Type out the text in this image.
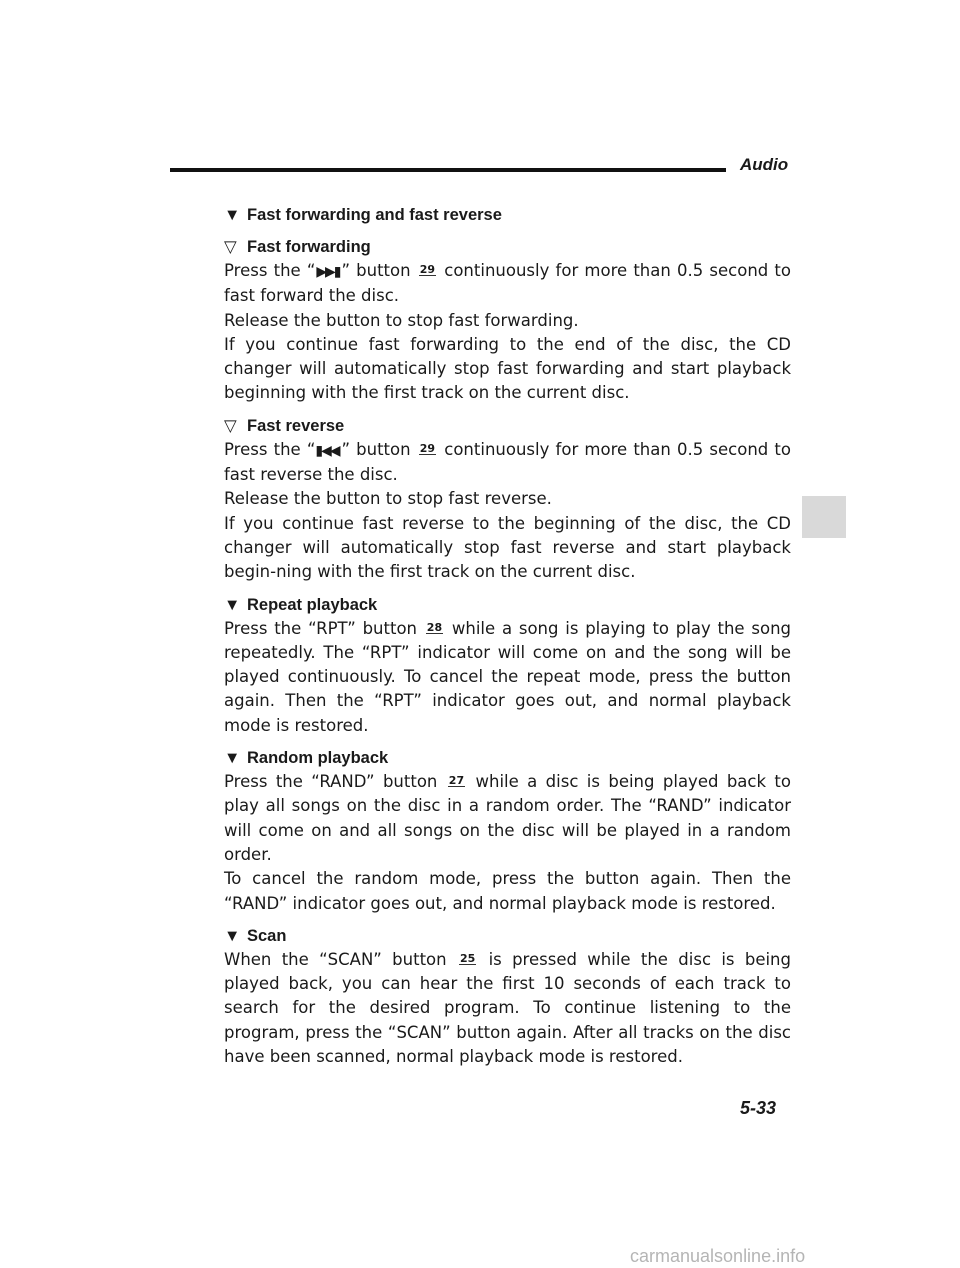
Audio

▼ Fast forwarding and fast reverse

▽ Fast forwarding

Press the “▶▶▮ ” button 29 continuously for more than 0.5 second to fast forward the disc.

Release the button to stop fast forwarding.

If you continue fast forwarding to the end of the disc, the CD changer will automatically stop fast forwarding and start playback beginning with the first track on the current disc.

▽ Fast reverse

Press the “▮◀◀ ” button 29 continuously for more than 0.5 second to fast reverse the disc.

Release the button to stop fast reverse.

If you continue fast reverse to the beginning of the disc, the CD changer will automatically stop fast reverse and start playback begin-ning with the first track on the current disc.

▼ Repeat playback

Press the “RPT” button 28 while a song is playing to play the song repeatedly. The “RPT” indicator will come on and the song will be played continuously. To cancel the repeat mode, press the button again. Then the “RPT” indicator goes out, and normal playback mode is restored.

▼ Random playback

Press the “RAND” button 27 while a disc is being played back to play all songs on the disc in a random order. The “RAND” indicator will come on and all songs on the disc will be played in a random order.

To cancel the random mode, press the button again. Then the “RAND” indicator goes out, and normal playback mode is restored.

▼ Scan

When the “SCAN” button 25 is pressed while the disc is being played back, you can hear the first 10 seconds of each track to search for the desired program. To continue listening to the program, press the “SCAN” button again. After all tracks on the disc have been scanned, normal playback mode is restored.

5-33
carmanualsonline.info
